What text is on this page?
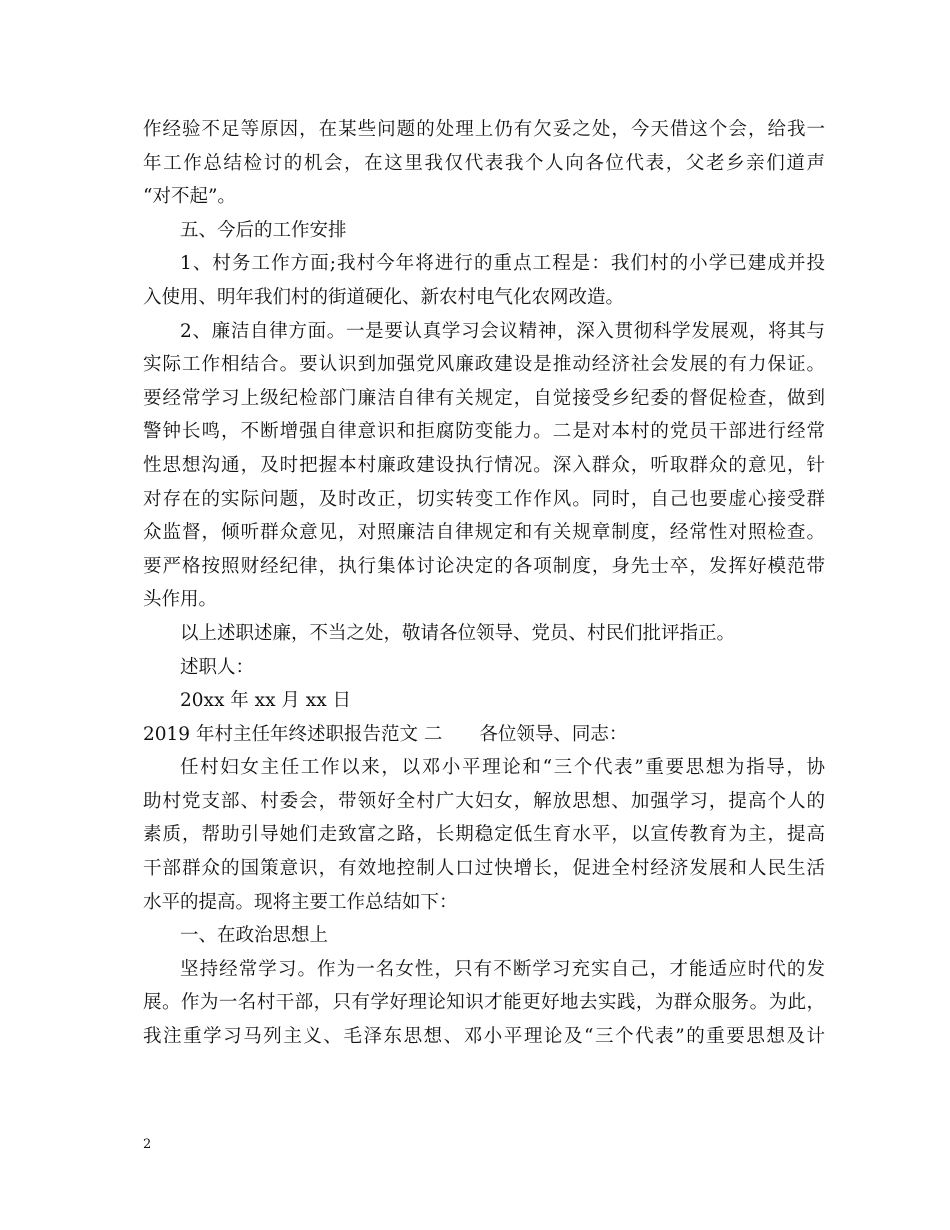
作经验不足等原因，在某些问题的处理上仍有欠妥之处，今天借这个会，给我一
年工作总结检讨的机会，在这里我仅代表我个人向各位代表，父老乡亲们道声
“对不起”。
五、今后的工作安排
1、村务工作方面;我村今年将进行的重点工程是：我们村的小学已建成并投
入使用、明年我们村的街道硬化、新农村电气化农网改造。
2、廉洁自律方面。一是要认真学习会议精神，深入贯彻科学发展观，将其与
实际工作相结合。要认识到加强党风廉政建设是推动经济社会发展的有力保证。
要经常学习上级纪检部门廉洁自律有关规定，自觉接受乡纪委的督促检查，做到
警钟长鸣，不断增强自律意识和拒腐防变能力。二是对本村的党员干部进行经常
性思想沟通，及时把握本村廉政建设执行情况。深入群众，听取群众的意见，针
对存在的实际问题，及时改正，切实转变工作作风。同时，自己也要虚心接受群
众监督，倾听群众意见，对照廉洁自律规定和有关规章制度，经常性对照检查。
要严格按照财经纪律，执行集体讨论决定的各项制度，身先士卒，发挥好模范带
头作用。
以上述职述廉，不当之处，敬请各位领导、党员、村民们批评指正。
述职人：
20xx 年 xx 月 xx 日
2019 年村主任年终述职报告范文 二　　各位领导、同志：
任村妇女主任工作以来，以邓小平理论和“三个代表”重要思想为指导，协
助村党支部、村委会，带领好全村广大妇女，解放思想、加强学习，提高个人的
素质，帮助引导她们走致富之路，长期稳定低生育水平，以宣传教育为主，提高
干部群众的国策意识，有效地控制人口过快增长，促进全村经济发展和人民生活
水平的提高。现将主要工作总结如下：
一、在政治思想上
坚持经常学习。作为一名女性，只有不断学习充实自己，才能适应时代的发
展。作为一名村干部，只有学好理论知识才能更好地去实践，为群众服务。为此，
我注重学习马列主义、毛泽东思想、邓小平理论及“三个代表”的重要思想及计
2
